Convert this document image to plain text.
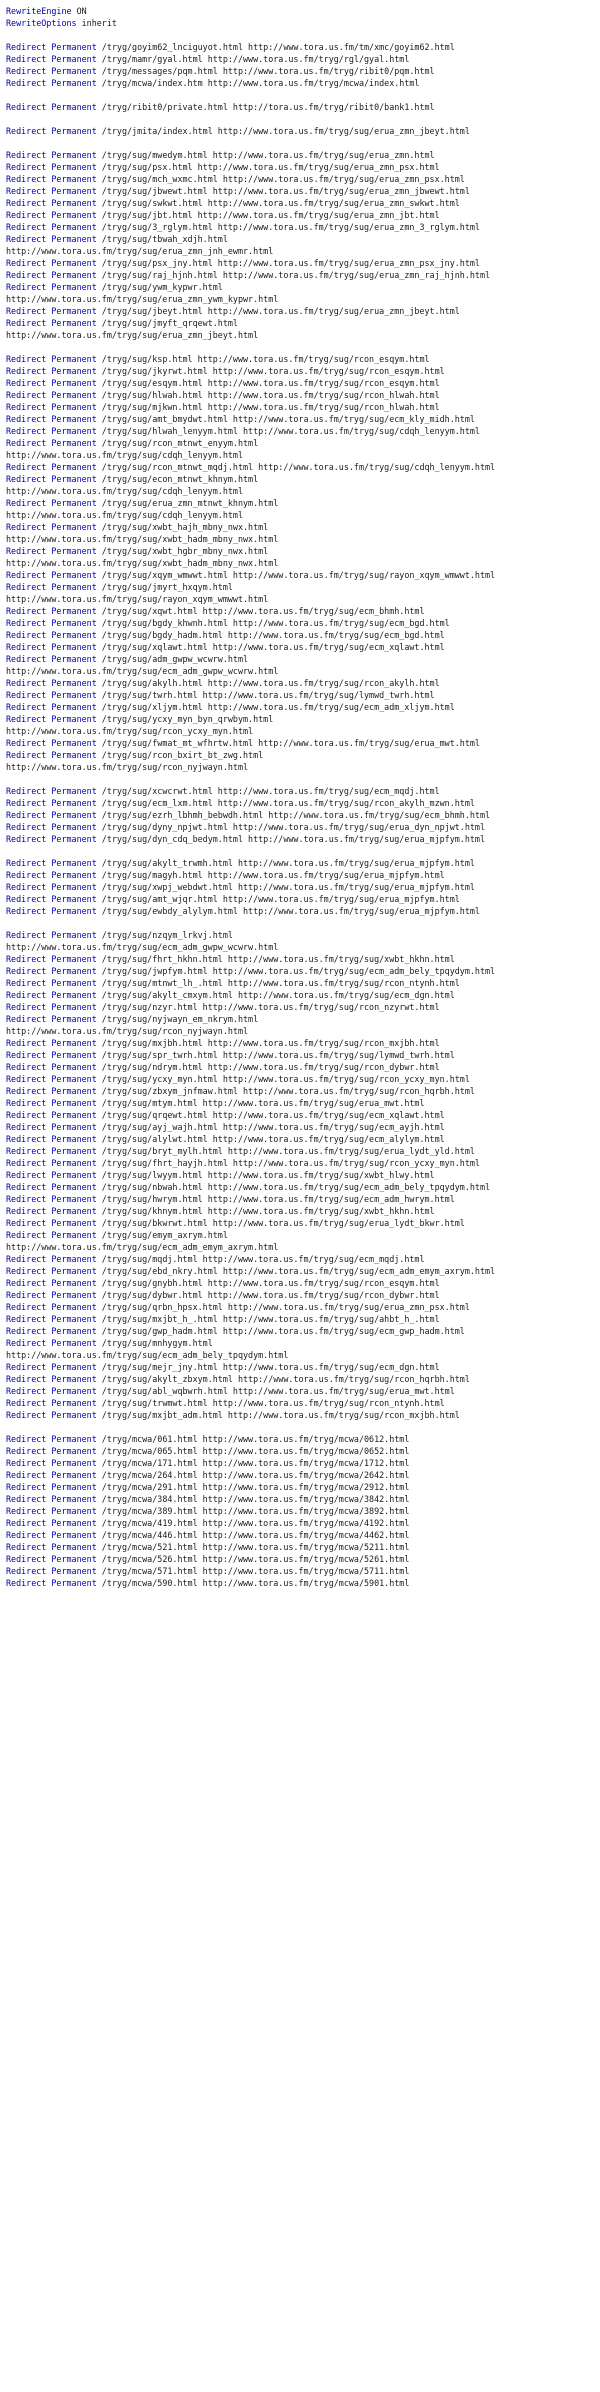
RewriteEngine ON
RewriteOptions inherit
Redirect Permanent /tryg/goyim62_lnciguyot.html http://www.tora.us.fm/tm/xmc/goyim62.html
Redirect Permanent /tryg/mamr/gyal.html http://www.tora.us.fm/tryg/rgl/gyal.html
Redirect Permanent /tryg/messages/pqm.html http://www.tora.us.fm/tryg/ribit0/pqm.html
Redirect Permanent /tryg/mcwa/index.htm http://www.tora.us.fm/tryg/mcwa/index.html
Redirect Permanent /tryg/ribit0/private.html http://tora.us.fm/tryg/ribit0/bank1.html
Redirect Permanent /tryg/jmita/index.html http://www.tora.us.fm/tryg/sug/erua_zmn_jbeyt.html
Redirect Permanent /tryg/sug/mwedym.html http://www.tora.us.fm/tryg/sug/erua_zmn.html
Redirect Permanent /tryg/sug/psx.html http://www.tora.us.fm/tryg/sug/erua_zmn_psx.html
Redirect Permanent /tryg/sug/mch_wxmc.html http://www.tora.us.fm/tryg/sug/erua_zmn_psx.html
Redirect Permanent /tryg/sug/jbwewt.html http://www.tora.us.fm/tryg/sug/erua_zmn_jbwewt.html
Redirect Permanent /tryg/sug/swkwt.html http://www.tora.us.fm/tryg/sug/erua_zmn_swkwt.html
Redirect Permanent /tryg/sug/jbt.html http://www.tora.us.fm/tryg/sug/erua_zmn_jbt.html
Redirect Permanent /tryg/sug/3_rglym.html http://www.tora.us.fm/tryg/sug/erua_zmn_3_rglym.html
Redirect Permanent /tryg/sug/tbwah_xdjh.html
http://www.tora.us.fm/tryg/sug/erua_zmn_jnh_ewmr.html
Redirect Permanent /tryg/sug/psx_jny.html http://www.tora.us.fm/tryg/sug/erua_zmn_psx_jny.html
Redirect Permanent /tryg/sug/raj_hjnh.html http://www.tora.us.fm/tryg/sug/erua_zmn_raj_hjnh.html
Redirect Permanent /tryg/sug/ywm_kypwr.html
http://www.tora.us.fm/tryg/sug/erua_zmn_ywm_kypwr.html
Redirect Permanent /tryg/sug/jbeyt.html http://www.tora.us.fm/tryg/sug/erua_zmn_jbeyt.html
Redirect Permanent /tryg/sug/jmyft_qrqewt.html
http://www.tora.us.fm/tryg/sug/erua_zmn_jbeyt.html
Redirect Permanent /tryg/sug/ksp.html http://www.tora.us.fm/tryg/sug/rcon_esqym.html
Redirect Permanent /tryg/sug/jkyrwt.html http://www.tora.us.fm/tryg/sug/rcon_esqym.html
Redirect Permanent /tryg/sug/esqym.html http://www.tora.us.fm/tryg/sug/rcon_esqym.html
Redirect Permanent /tryg/sug/hlwah.html http://www.tora.us.fm/tryg/sug/rcon_hlwah.html
Redirect Permanent /tryg/sug/mjkwn.html http://www.tora.us.fm/tryg/sug/rcon_hlwah.html
Redirect Permanent /tryg/sug/amt_bmydwt.html http://www.tora.us.fm/tryg/sug/ecm_kly_midh.html
Redirect Permanent /tryg/sug/hlwah_lenyym.html http://www.tora.us.fm/tryg/sug/cdqh_lenyym.html
Redirect Permanent /tryg/sug/rcon_mtnwt_enyym.html
http://www.tora.us.fm/tryg/sug/cdqh_lenyym.html
Redirect Permanent /tryg/sug/rcon_mtnwt_mqdj.html http://www.tora.us.fm/tryg/sug/cdqh_lenyym.html
Redirect Permanent /tryg/sug/econ_mtnwt_khnym.html
http://www.tora.us.fm/tryg/sug/cdqh_lenyym.html
Redirect Permanent /tryg/sug/erua_zmn_mtnwt_khnym.html
http://www.tora.us.fm/tryg/sug/cdqh_lenyym.html
Redirect Permanent /tryg/sug/xwbt_hajh_mbny_nwx.html
http://www.tora.us.fm/tryg/sug/xwbt_hadm_mbny_nwx.html
Redirect Permanent /tryg/sug/xwbt_hgbr_mbny_nwx.html
http://www.tora.us.fm/tryg/sug/xwbt_hadm_mbny_nwx.html
Redirect Permanent /tryg/sug/xqym_wmwwt.html http://www.tora.us.fm/tryg/sug/rayon_xqym_wmwwt.html
Redirect Permanent /tryg/sug/jmyrt_hxqym.html
http://www.tora.us.fm/tryg/sug/rayon_xqym_wmwwt.html
Redirect Permanent /tryg/sug/xqwt.html http://www.tora.us.fm/tryg/sug/ecm_bhmh.html
Redirect Permanent /tryg/sug/bgdy_khwnh.html http://www.tora.us.fm/tryg/sug/ecm_bgd.html
Redirect Permanent /tryg/sug/bgdy_hadm.html http://www.tora.us.fm/tryg/sug/ecm_bgd.html
Redirect Permanent /tryg/sug/xqlawt.html http://www.tora.us.fm/tryg/sug/ecm_xqlawt.html
Redirect Permanent /tryg/sug/adm_gwpw_wcwrw.html
http://www.tora.us.fm/tryg/sug/ecm_adm_gwpw_wcwrw.html
Redirect Permanent /tryg/sug/akylh.html http://www.tora.us.fm/tryg/sug/rcon_akylh.html
Redirect Permanent /tryg/sug/twrh.html http://www.tora.us.fm/tryg/sug/lymwd_twrh.html
Redirect Permanent /tryg/sug/xljym.html http://www.tora.us.fm/tryg/sug/ecm_adm_xljym.html
Redirect Permanent /tryg/sug/ycxy_myn_byn_qrwbym.html
http://www.tora.us.fm/tryg/sug/rcon_ycxy_myn.html
Redirect Permanent /tryg/sug/fwmat_mt_wfhrtw.html http://www.tora.us.fm/tryg/sug/erua_mwt.html
Redirect Permanent /tryg/sug/rcon_bxirt_bt_zwg.html
http://www.tora.us.fm/tryg/sug/rcon_nyjwayn.html
Redirect Permanent /tryg/sug/xcwcrwt.html http://www.tora.us.fm/tryg/sug/ecm_mqdj.html
Redirect Permanent /tryg/sug/ecm_lxm.html http://www.tora.us.fm/tryg/sug/rcon_akylh_mzwn.html
Redirect Permanent /tryg/sug/ezrh_lbhmh_bebwdh.html http://www.tora.us.fm/tryg/sug/ecm_bhmh.html
Redirect Permanent /tryg/sug/dyny_npjwt.html http://www.tora.us.fm/tryg/sug/erua_dyn_npjwt.html
Redirect Permanent /tryg/sug/dyn_cdq_bedym.html http://www.tora.us.fm/tryg/sug/erua_mjpfym.html
Redirect Permanent /tryg/sug/akylt_trwmh.html http://www.tora.us.fm/tryg/sug/erua_mjpfym.html
Redirect Permanent /tryg/sug/magyh.html http://www.tora.us.fm/tryg/sug/erua_mjpfym.html
Redirect Permanent /tryg/sug/xwpj_webdwt.html http://www.tora.us.fm/tryg/sug/erua_mjpfym.html
Redirect Permanent /tryg/sug/amt_wjqr.html http://www.tora.us.fm/tryg/sug/erua_mjpfym.html
Redirect Permanent /tryg/sug/ewbdy_alylym.html http://www.tora.us.fm/tryg/sug/erua_mjpfym.html
Redirect Permanent /tryg/sug/nzqym_lrkvj.html
http://www.tora.us.fm/tryg/sug/ecm_adm_gwpw_wcwrw.html
Redirect Permanent /tryg/sug/fhrt_hkhn.html http://www.tora.us.fm/tryg/sug/xwbt_hkhn.html
Redirect Permanent /tryg/sug/jwpfym.html http://www.tora.us.fm/tryg/sug/ecm_adm_bely_tpqydym.html
Redirect Permanent /tryg/sug/mtnwt_lh_.html http://www.tora.us.fm/tryg/sug/rcon_ntynh.html
Redirect Permanent /tryg/sug/akylt_cmxym.html http://www.tora.us.fm/tryg/sug/ecm_dgn.html
Redirect Permanent /tryg/sug/nzyr.html http://www.tora.us.fm/tryg/sug/rcon_nzyrwt.html
Redirect Permanent /tryg/sug/nyjwayn_em_nkrym.html
http://www.tora.us.fm/tryg/sug/rcon_nyjwayn.html
Redirect Permanent /tryg/sug/mxjbh.html http://www.tora.us.fm/tryg/sug/rcon_mxjbh.html
Redirect Permanent /tryg/sug/spr_twrh.html http://www.tora.us.fm/tryg/sug/lymwd_twrh.html
Redirect Permanent /tryg/sug/ndrym.html http://www.tora.us.fm/tryg/sug/rcon_dybwr.html
Redirect Permanent /tryg/sug/ycxy_myn.html http://www.tora.us.fm/tryg/sug/rcon_ycxy_myn.html
Redirect Permanent /tryg/sug/zbxym_jnfmaw.html http://www.tora.us.fm/tryg/sug/rcon_hqrbh.html
Redirect Permanent /tryg/sug/mtym.html http://www.tora.us.fm/tryg/sug/erua_mwt.html
Redirect Permanent /tryg/sug/qrqewt.html http://www.tora.us.fm/tryg/sug/ecm_xqlawt.html
Redirect Permanent /tryg/sug/ayj_wajh.html http://www.tora.us.fm/tryg/sug/ecm_ayjh.html
Redirect Permanent /tryg/sug/alylwt.html http://www.tora.us.fm/tryg/sug/ecm_alylym.html
Redirect Permanent /tryg/sug/bryt_mylh.html http://www.tora.us.fm/tryg/sug/erua_lydt_yld.html
Redirect Permanent /tryg/sug/fhrt_hayjh.html http://www.tora.us.fm/tryg/sug/rcon_ycxy_myn.html
Redirect Permanent /tryg/sug/lwyym.html http://www.tora.us.fm/tryg/sug/xwbt_hlwy.html
Redirect Permanent /tryg/sug/nbwah.html http://www.tora.us.fm/tryg/sug/ecm_adm_bely_tpqydym.html
Redirect Permanent /tryg/sug/hwrym.html http://www.tora.us.fm/tryg/sug/ecm_adm_hwrym.html
Redirect Permanent /tryg/sug/khnym.html http://www.tora.us.fm/tryg/sug/xwbt_hkhn.html
Redirect Permanent /tryg/sug/bkwrwt.html http://www.tora.us.fm/tryg/sug/erua_lydt_bkwr.html
Redirect Permanent /tryg/sug/emym_axrym.html
http://www.tora.us.fm/tryg/sug/ecm_adm_emym_axrym.html
Redirect Permanent /tryg/sug/mqdj.html http://www.tora.us.fm/tryg/sug/ecm_mqdj.html
Redirect Permanent /tryg/sug/ebd_nkry.html http://www.tora.us.fm/tryg/sug/ecm_adm_emym_axrym.html
Redirect Permanent /tryg/sug/gnybh.html http://www.tora.us.fm/tryg/sug/rcon_esqym.html
Redirect Permanent /tryg/sug/dybwr.html http://www.tora.us.fm/tryg/sug/rcon_dybwr.html
Redirect Permanent /tryg/sug/qrbn_hpsx.html http://www.tora.us.fm/tryg/sug/erua_zmn_psx.html
Redirect Permanent /tryg/sug/mxjbt_h_.html http://www.tora.us.fm/tryg/sug/ahbt_h_.html
Redirect Permanent /tryg/sug/gwp_hadm.html http://www.tora.us.fm/tryg/sug/ecm_gwp_hadm.html
Redirect Permanent /tryg/sug/mnhygym.html
http://www.tora.us.fm/tryg/sug/ecm_adm_bely_tpqydym.html
Redirect Permanent /tryg/sug/mejr_jny.html http://www.tora.us.fm/tryg/sug/ecm_dgn.html
Redirect Permanent /tryg/sug/akylt_zbxym.html http://www.tora.us.fm/tryg/sug/rcon_hqrbh.html
Redirect Permanent /tryg/sug/abl_wqbwrh.html http://www.tora.us.fm/tryg/sug/erua_mwt.html
Redirect Permanent /tryg/sug/trwmwt.html http://www.tora.us.fm/tryg/sug/rcon_ntynh.html
Redirect Permanent /tryg/sug/mxjbt_adm.html http://www.tora.us.fm/tryg/sug/rcon_mxjbh.html
Redirect Permanent /tryg/mcwa/061.html http://www.tora.us.fm/tryg/mcwa/0612.html
Redirect Permanent /tryg/mcwa/065.html http://www.tora.us.fm/tryg/mcwa/0652.html
Redirect Permanent /tryg/mcwa/171.html http://www.tora.us.fm/tryg/mcwa/1712.html
Redirect Permanent /tryg/mcwa/264.html http://www.tora.us.fm/tryg/mcwa/2642.html
Redirect Permanent /tryg/mcwa/291.html http://www.tora.us.fm/tryg/mcwa/2912.html
Redirect Permanent /tryg/mcwa/384.html http://www.tora.us.fm/tryg/mcwa/3842.html
Redirect Permanent /tryg/mcwa/389.html http://www.tora.us.fm/tryg/mcwa/3892.html
Redirect Permanent /tryg/mcwa/419.html http://www.tora.us.fm/tryg/mcwa/4192.html
Redirect Permanent /tryg/mcwa/446.html http://www.tora.us.fm/tryg/mcwa/4462.html
Redirect Permanent /tryg/mcwa/521.html http://www.tora.us.fm/tryg/mcwa/5211.html
Redirect Permanent /tryg/mcwa/526.html http://www.tora.us.fm/tryg/mcwa/5261.html
Redirect Permanent /tryg/mcwa/571.html http://www.tora.us.fm/tryg/mcwa/5711.html
Redirect Permanent /tryg/mcwa/590.html http://www.tora.us.fm/tryg/mcwa/5901.html
